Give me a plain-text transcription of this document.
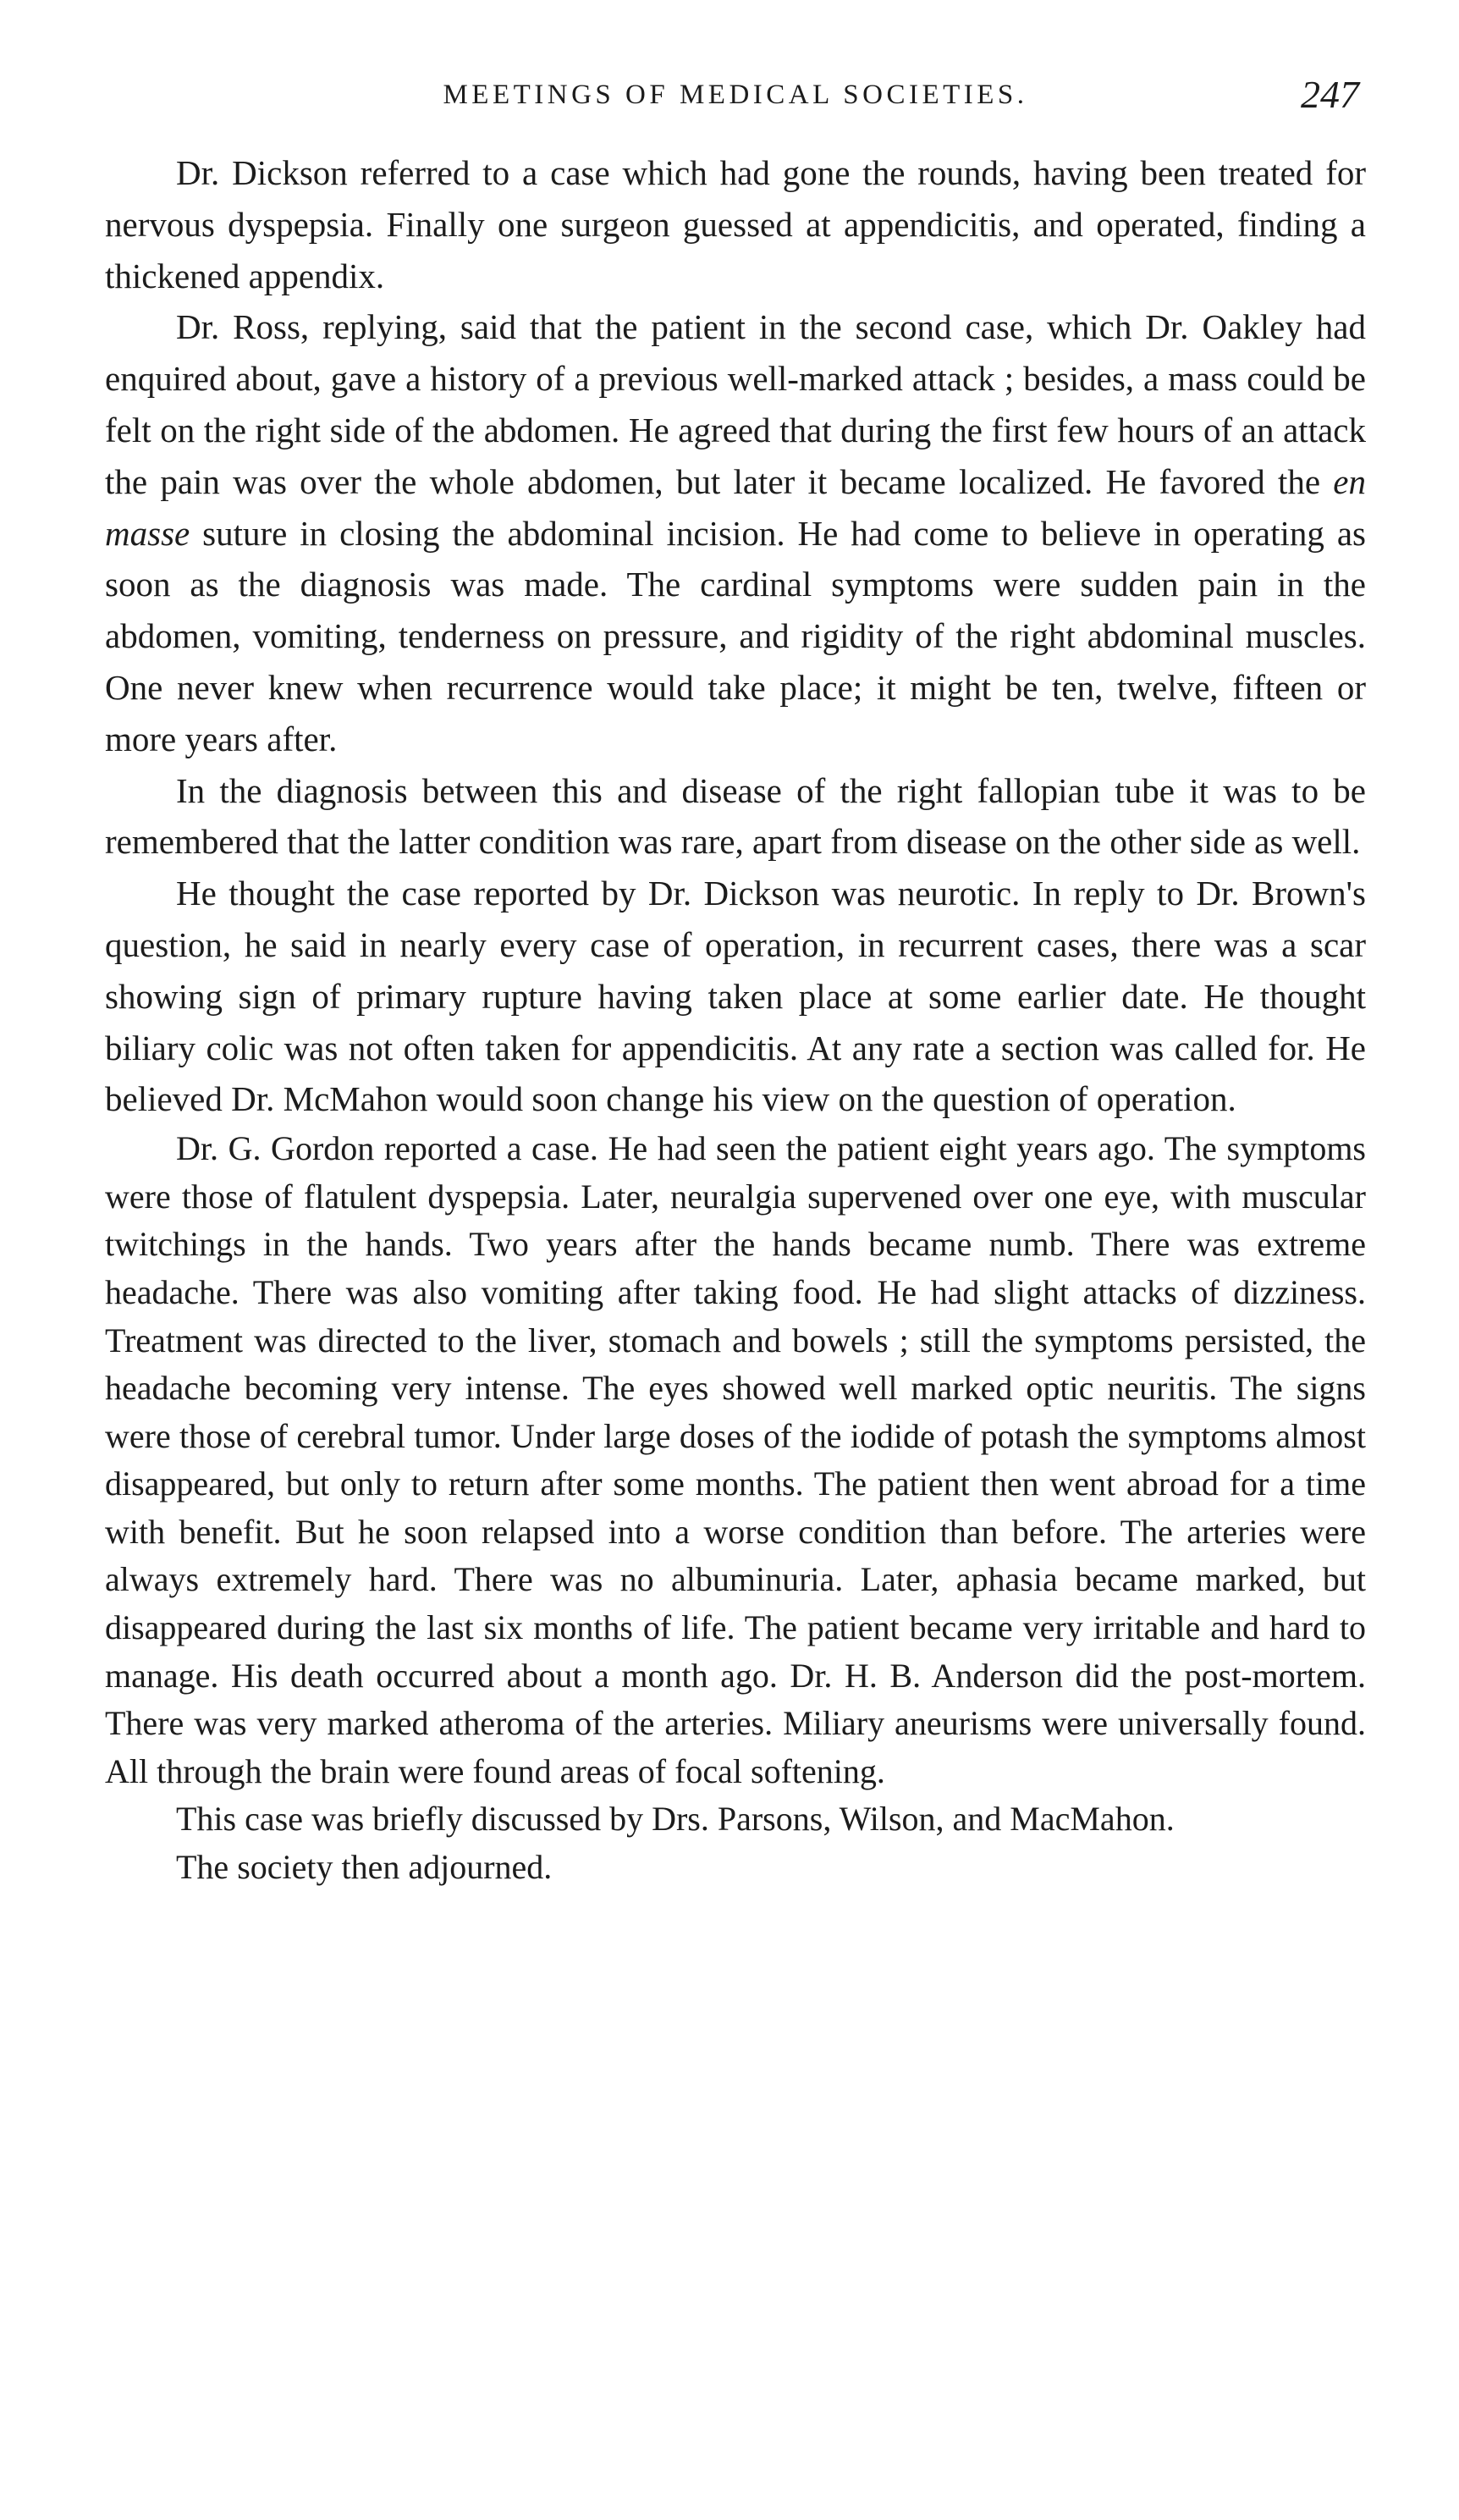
MEETINGS OF MEDICAL SOCIETIES.	247

Dr. Dickson referred to a case which had gone the rounds, having been treated for nervous dyspepsia. Finally one surgeon guessed at appendicitis, and operated, finding a thickened appendix.

Dr. Ross, replying, said that the patient in the second case, which Dr. Oakley had enquired about, gave a history of a previous well-marked attack ; besides, a mass could be felt on the right side of the abdomen. He agreed that during the first few hours of an attack the pain was over the whole abdomen, but later it became localized. He favored the en masse suture in closing the abdominal incision. He had come to believe in operating as soon as the diagnosis was made. The cardinal symptoms were sudden pain in the abdomen, vomiting, tenderness on pressure, and rigidity of the right abdominal muscles. One never knew when recurrence would take place; it might be ten, twelve, fifteen or more years after.

In the diagnosis between this and disease of the right fallopian tube it was to be remembered that the latter condition was rare, apart from disease on the other side as well.

He thought the case reported by Dr. Dickson was neurotic. In reply to Dr. Brown's question, he said in nearly every case of operation, in recurrent cases, there was a scar showing sign of primary rupture having taken place at some earlier date. He thought biliary colic was not often taken for appendicitis. At any rate a section was called for. He believed Dr. McMahon would soon change his view on the question of operation.

Dr. G. Gordon reported a case. He had seen the patient eight years ago. The symptoms were those of flatulent dyspepsia. Later, neuralgia supervened over one eye, with muscular twitchings in the hands. Two years after the hands became numb. There was extreme headache. There was also vomiting after taking food. He had slight attacks of dizziness. Treatment was directed to the liver, stomach and bowels ; still the symptoms persisted, the headache becoming very intense. The eyes showed well marked optic neuritis. The signs were those of cerebral tumor. Under large doses of the iodide of potash the symptoms almost disappeared, but only to return after some months. The patient then went abroad for a time with benefit. But he soon relapsed into a worse condition than before. The arteries were always extremely hard. There was no albuminuria. Later, aphasia became marked, but disappeared during the last six months of life. The patient became very irritable and hard to manage. His death occurred about a month ago. Dr. H. B. Anderson did the post-mortem. There was very marked atheroma of the arteries. Miliary aneurisms were universally found. All through the brain were found areas of focal softening.

This case was briefly discussed by Drs. Parsons, Wilson, and MacMahon.

The society then adjourned.
